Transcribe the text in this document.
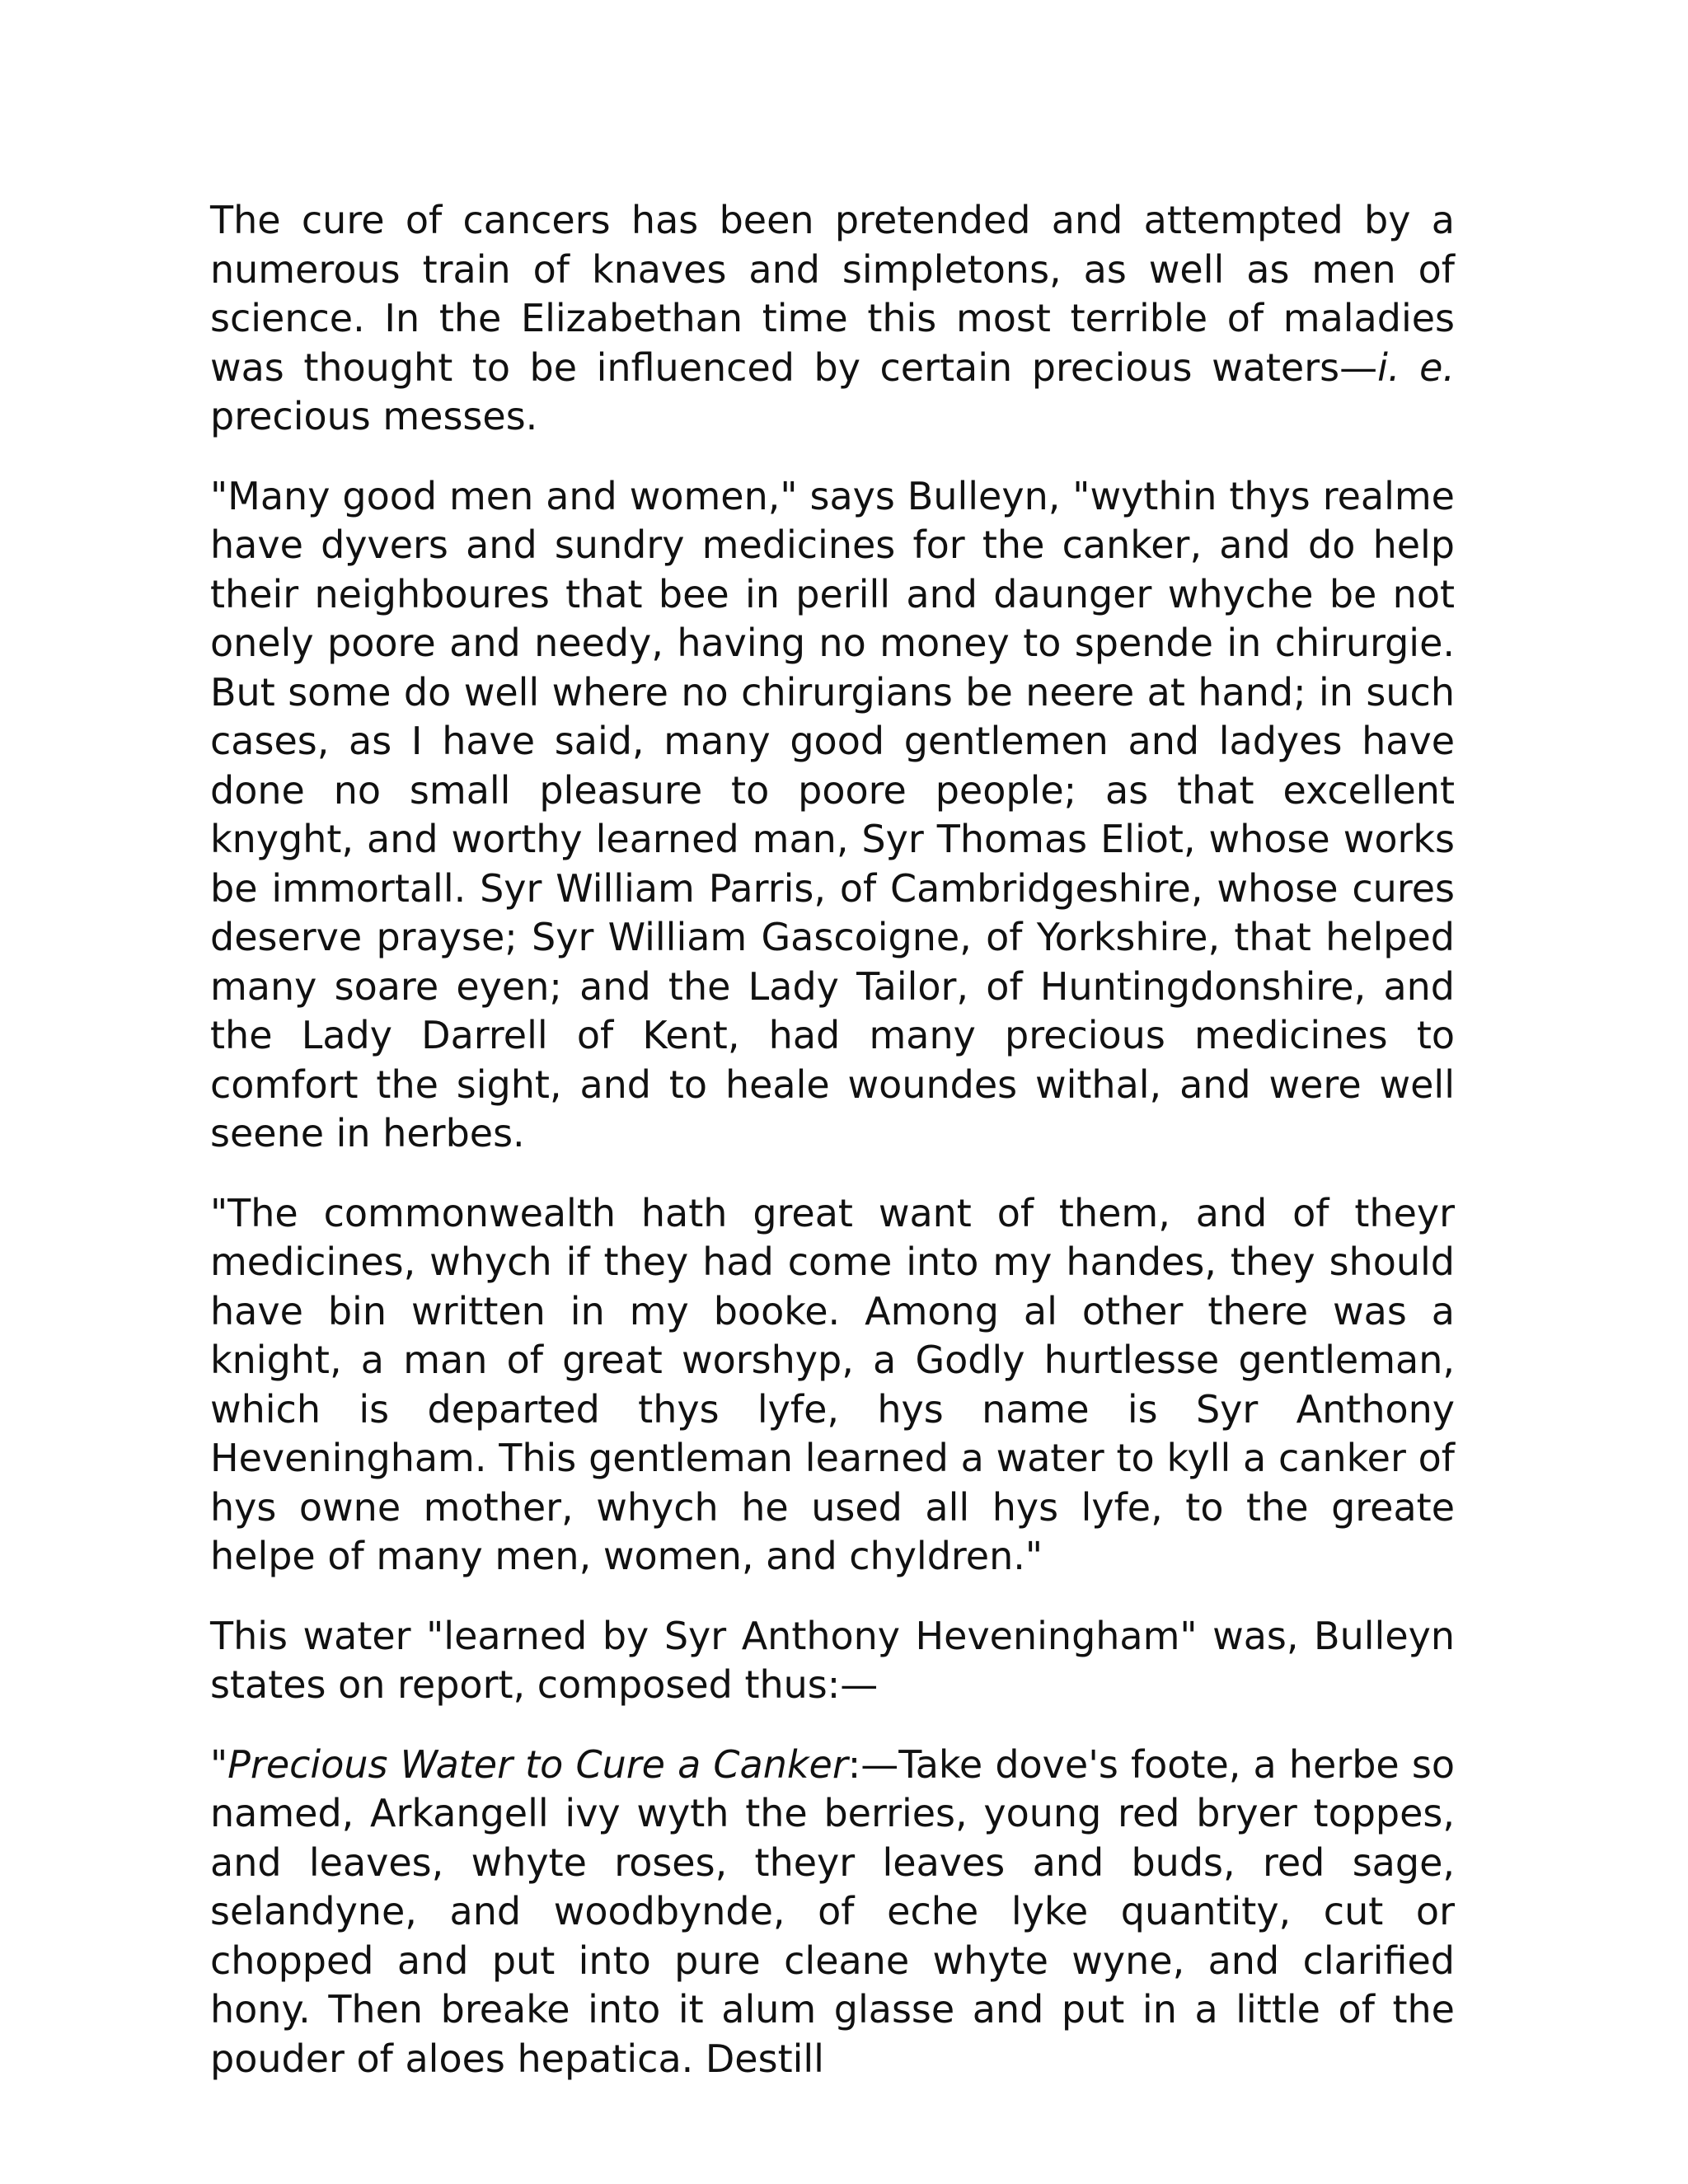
The cure of cancers has been pretended and attempted by a numerous train of knaves and simpletons, as well as men of science. In the Elizabethan time this most terrible of maladies was thought to be influenced by certain precious waters—i. e. precious messes.

"Many good men and women," says Bulleyn, "wythin thys realme have dyvers and sundry medicines for the canker, and do help their neighboures that bee in perill and daunger whyche be not onely poore and needy, having no money to spende in chirurgie. But some do well where no chirurgians be neere at hand; in such cases, as I have said, many good gentlemen and ladyes have done no small pleasure to poore people; as that excellent knyght, and worthy learned man, Syr Thomas Eliot, whose works be immortall. Syr William Parris, of Cambridgeshire, whose cures deserve prayse; Syr William Gascoigne, of Yorkshire, that helped many soare eyen; and the Lady Tailor, of Huntingdonshire, and the Lady Darrell of Kent, had many precious medicines to comfort the sight, and to heale woundes withal, and were well seene in herbes.

"The commonwealth hath great want of them, and of theyr medicines, whych if they had come into my handes, they should have bin written in my booke. Among al other there was a knight, a man of great worshyp, a Godly hurtlesse gentleman, which is departed thys lyfe, hys name is Syr Anthony Heveningham. This gentleman learned a water to kyll a canker of hys owne mother, whych he used all hys lyfe, to the greate helpe of many men, women, and chyldren."

This water "learned by Syr Anthony Heveningham" was, Bulleyn states on report, composed thus:—

"Precious Water to Cure a Canker:—Take dove's foote, a herbe so named, Arkangell ivy wyth the berries, young red bryer toppes, and leaves, whyte roses, theyr leaves and buds, red sage, selandyne, and woodbynde, of eche lyke quantity, cut or chopped and put into pure cleane whyte wyne, and clarified hony. Then breake into it alum glasse and put in a little of the pouder of aloes hepatica. Destill
